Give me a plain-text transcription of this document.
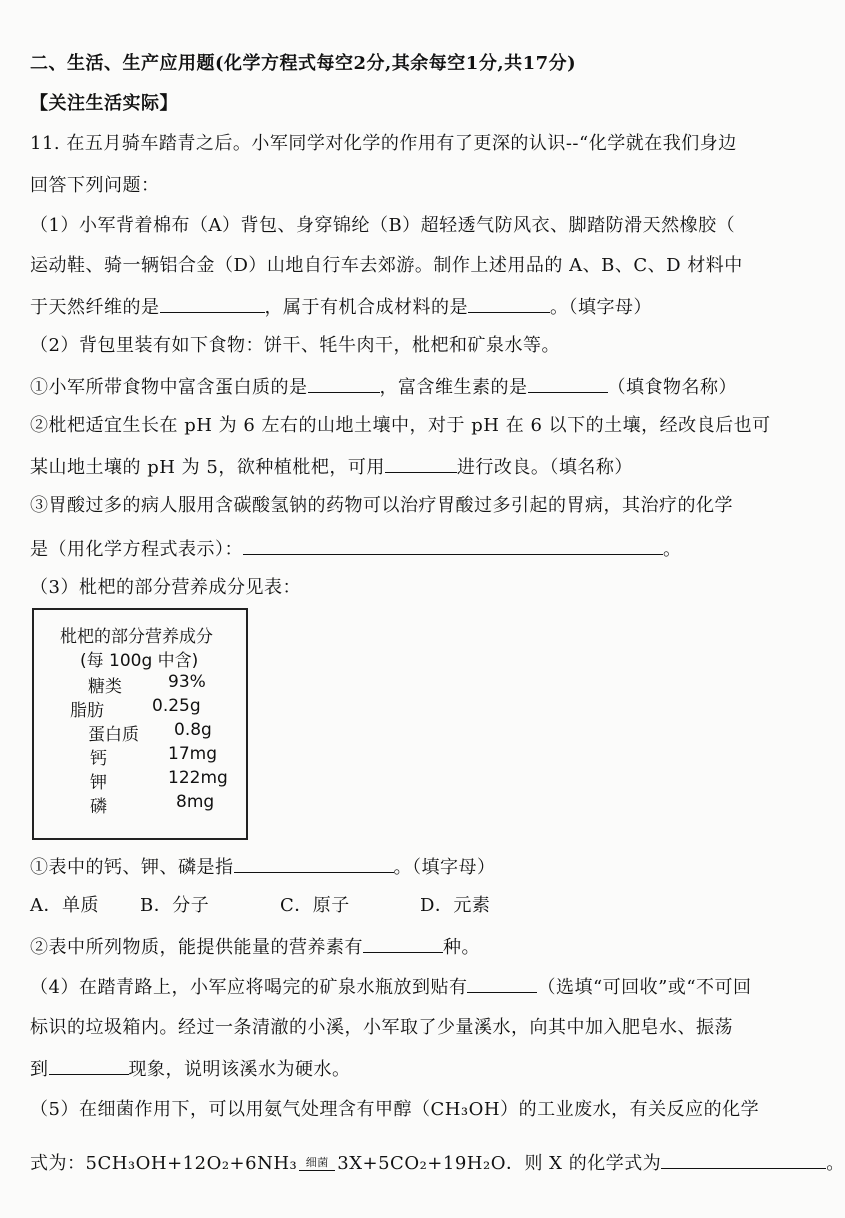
二、生活、生产应用题(化学方程式每空2分,其余每空1分,共17分)
【关注生活实际】
11. 在五月骑车踏青之后。小军同学对化学的作用有了更深的认识--“化学就在我们身边
回答下列问题：
（1）小军背着棉布（A）背包、身穿锦纶（B）超轻透气防风衣、脚踏防滑天然橡胶（
运动鞋、骑一辆铝合金（D）山地自行车去郊游。制作上述用品的 A、B、C、D 材料中
于天然纤维的是	，属于有机合成材料的是	。（填字母）
（2）背包里装有如下食物：饼干、牦牛肉干，枇杷和矿泉水等。
①小军所带食物中富含蛋白质的是	，富含维生素的是	（填食物名称）
②枇杷适宜生长在 pH 为 6 左右的山地土壤中，对于 pH 在 6 以下的土壤，经改良后也可
某山地土壤的 pH 为 5，欲种植枇杷，可用	进行改良。（填名称）
③胃酸过多的病人服用含碳酸氢钠的药物可以治疗胃酸过多引起的胃病，其治疗的化学
是（用化学方程式表示）：	。
（3）枇杷的部分营养成分见表：
枇杷的部分营养成分
(每 100g 中含)
糖类	93%
脂肪	0.25g
蛋白质 0.8g
钙	17mg
钾	122mg
磷	8mg
①表中的钙、钾、磷是指	。（填字母）
A．单质 B．分子	C．原子	D．元素
②表中所列物质，能提供能量的营养素有	种。
（4）在踏青路上，小军应将喝完的矿泉水瓶放到贴有	（选填“可回收”或“不可回
标识的垃圾箱内。经过一条清澈的小溪，小军取了少量溪水，向其中加入肥皂水、振荡
到	现象，说明该溪水为硬水。
（5）在细菌作用下，可以用氨气处理含有甲醇（CH₃OH）的工业废水，有关反应的化学
式为：5CH₃OH+12O₂+6NH₃ 细菌 3X+5CO₂+19H₂O．则 X 的化学式为	。
